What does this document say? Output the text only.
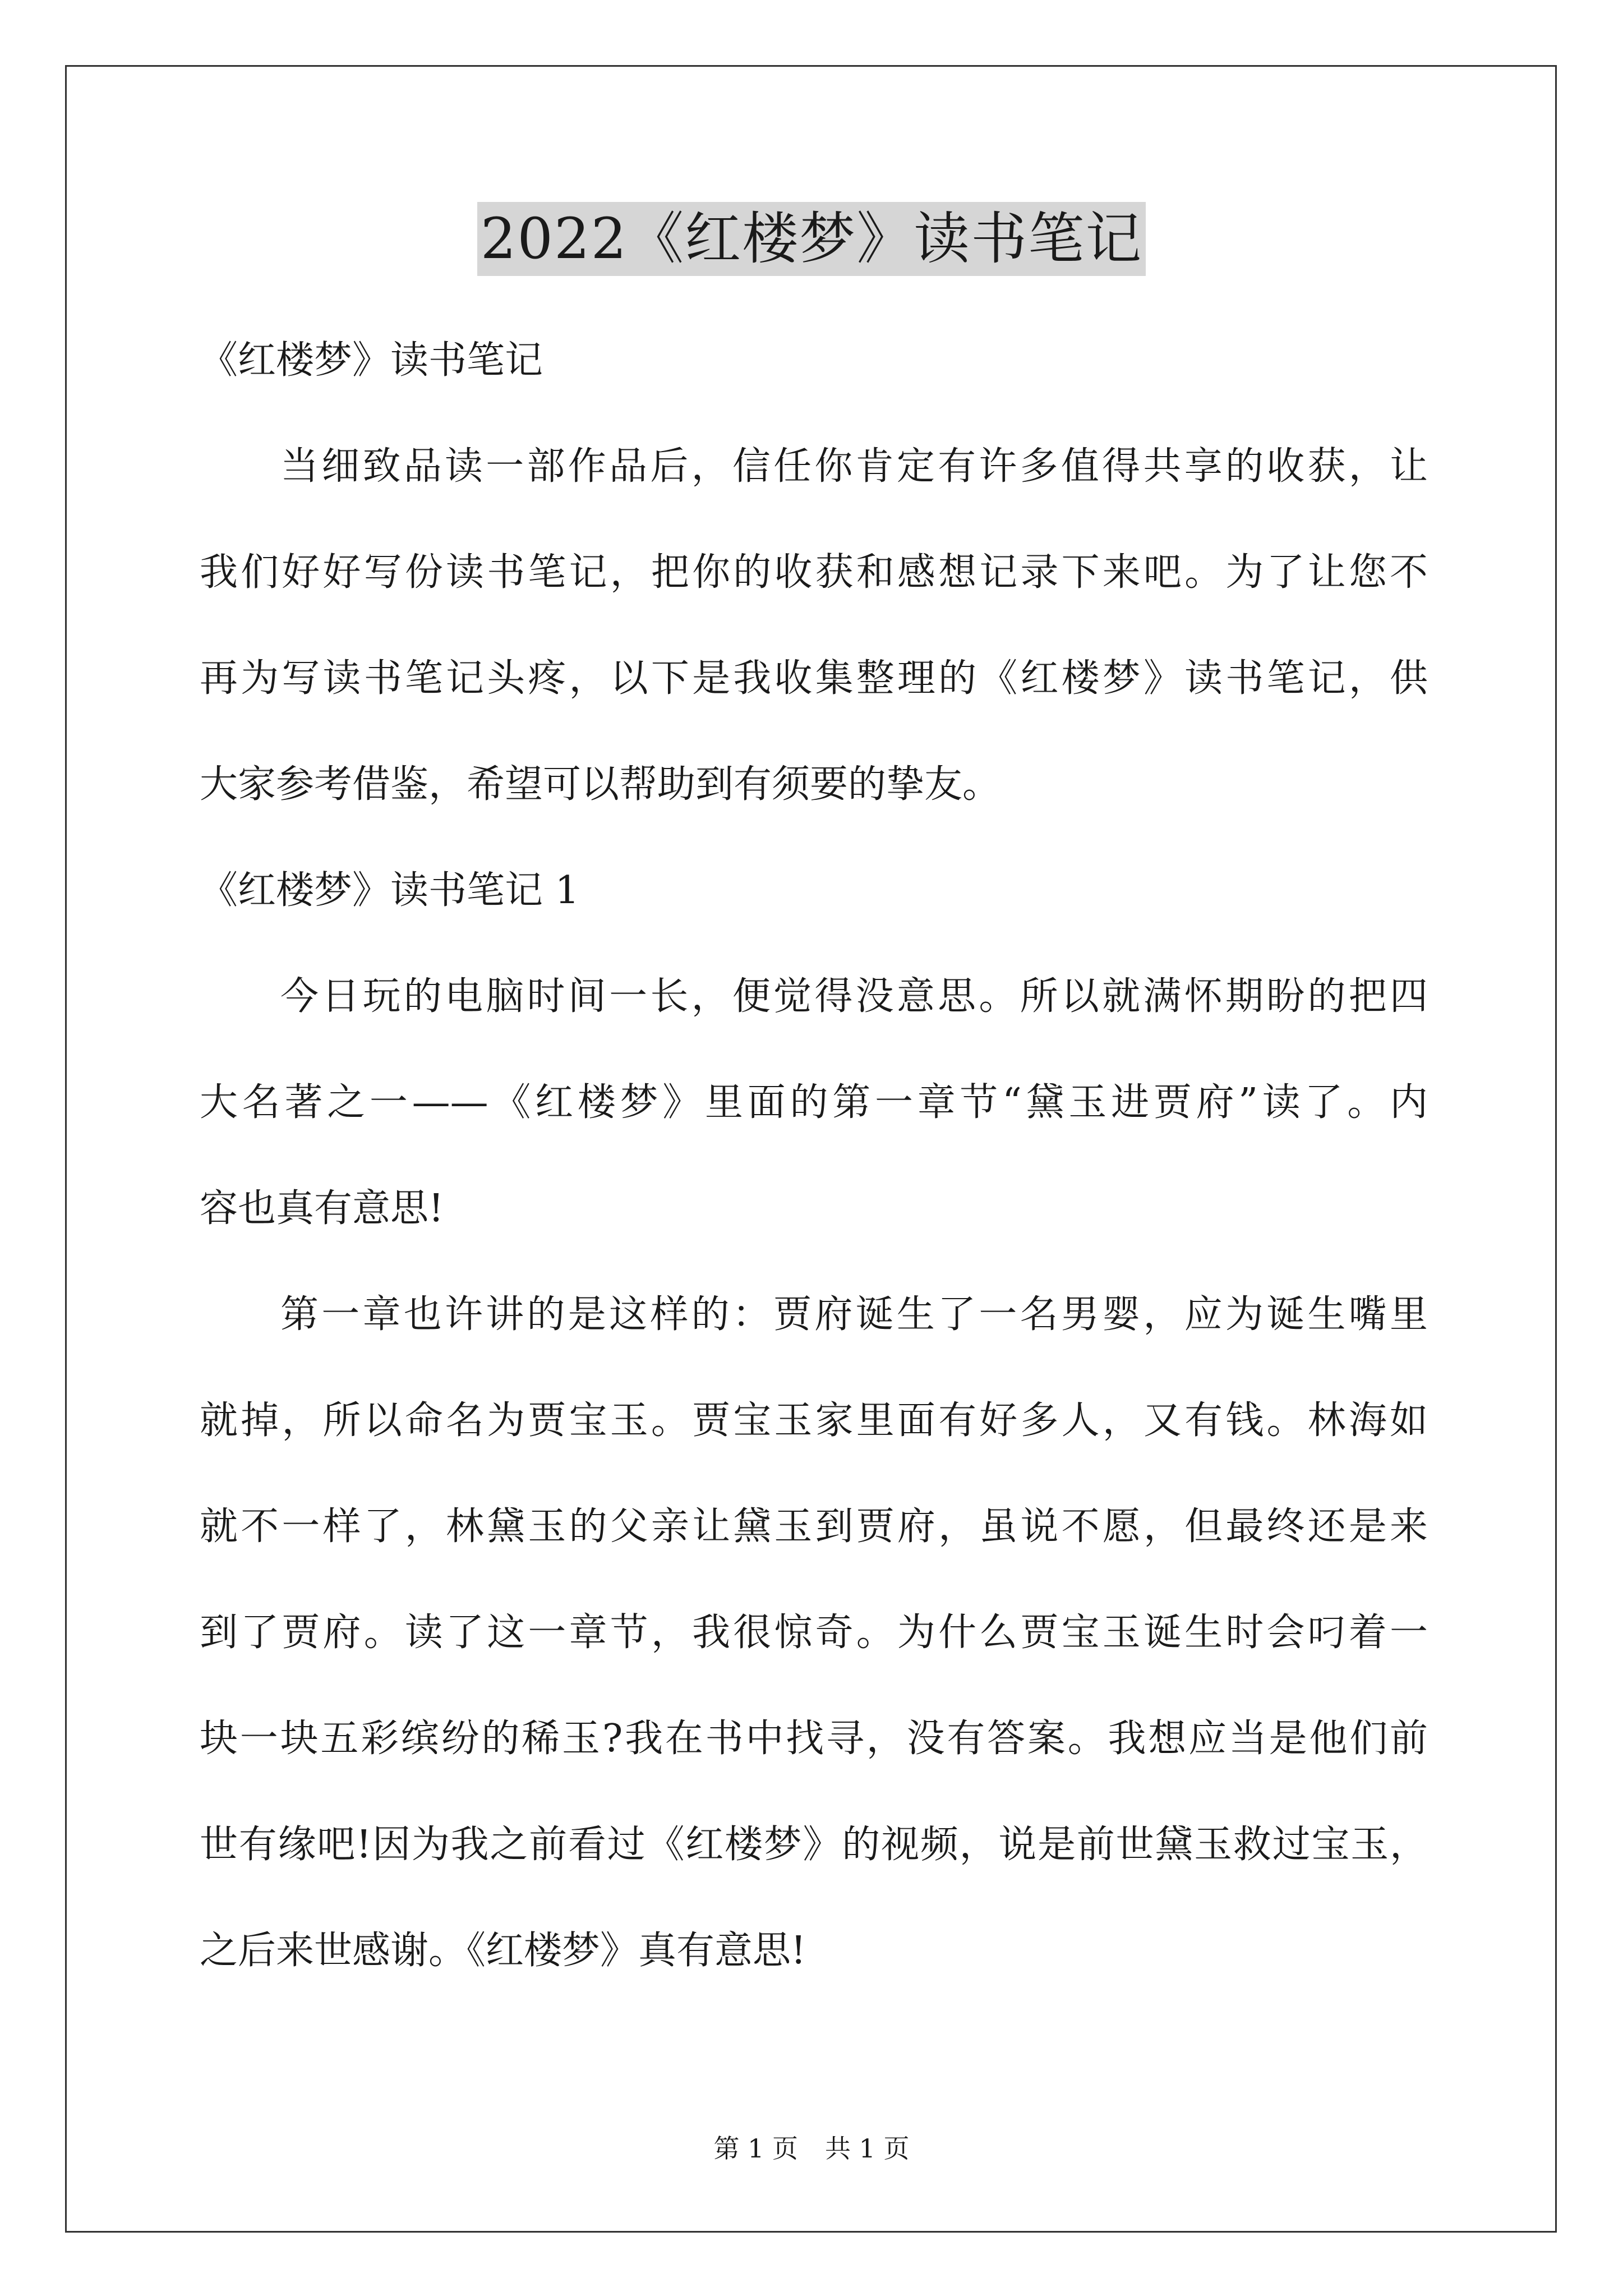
2022《红楼梦》读书笔记
《红楼梦》读书笔记
当细致品读一部作品后，信任你肯定有许多值得共享的收获，让
我们好好写份读书笔记，把你的收获和感想记录下来吧。为了让您不
再为写读书笔记头疼，以下是我收集整理的《红楼梦》读书笔记，供
大家参考借鉴，希望可以帮助到有须要的挚友。
《红楼梦》读书笔记 1
今日玩的电脑时间一长，便觉得没意思。所以就满怀期盼的把四
大名著之一——《红楼梦》里面的第一章节“黛玉进贾府”读了。内
容也真有意思!
第一章也许讲的是这样的：贾府诞生了一名男婴，应为诞生嘴里
就掉，所以命名为贾宝玉。贾宝玉家里面有好多人，又有钱。林海如
就不一样了，林黛玉的父亲让黛玉到贾府，虽说不愿，但最终还是来
到了贾府。读了这一章节，我很惊奇。为什么贾宝玉诞生时会叼着一
块一块五彩缤纷的稀玉?我在书中找寻，没有答案。我想应当是他们前
世有缘吧!因为我之前看过《红楼梦》的视频，说是前世黛玉救过宝玉，
之后来世感谢。《红楼梦》真有意思!
第 1 页 共 1 页
